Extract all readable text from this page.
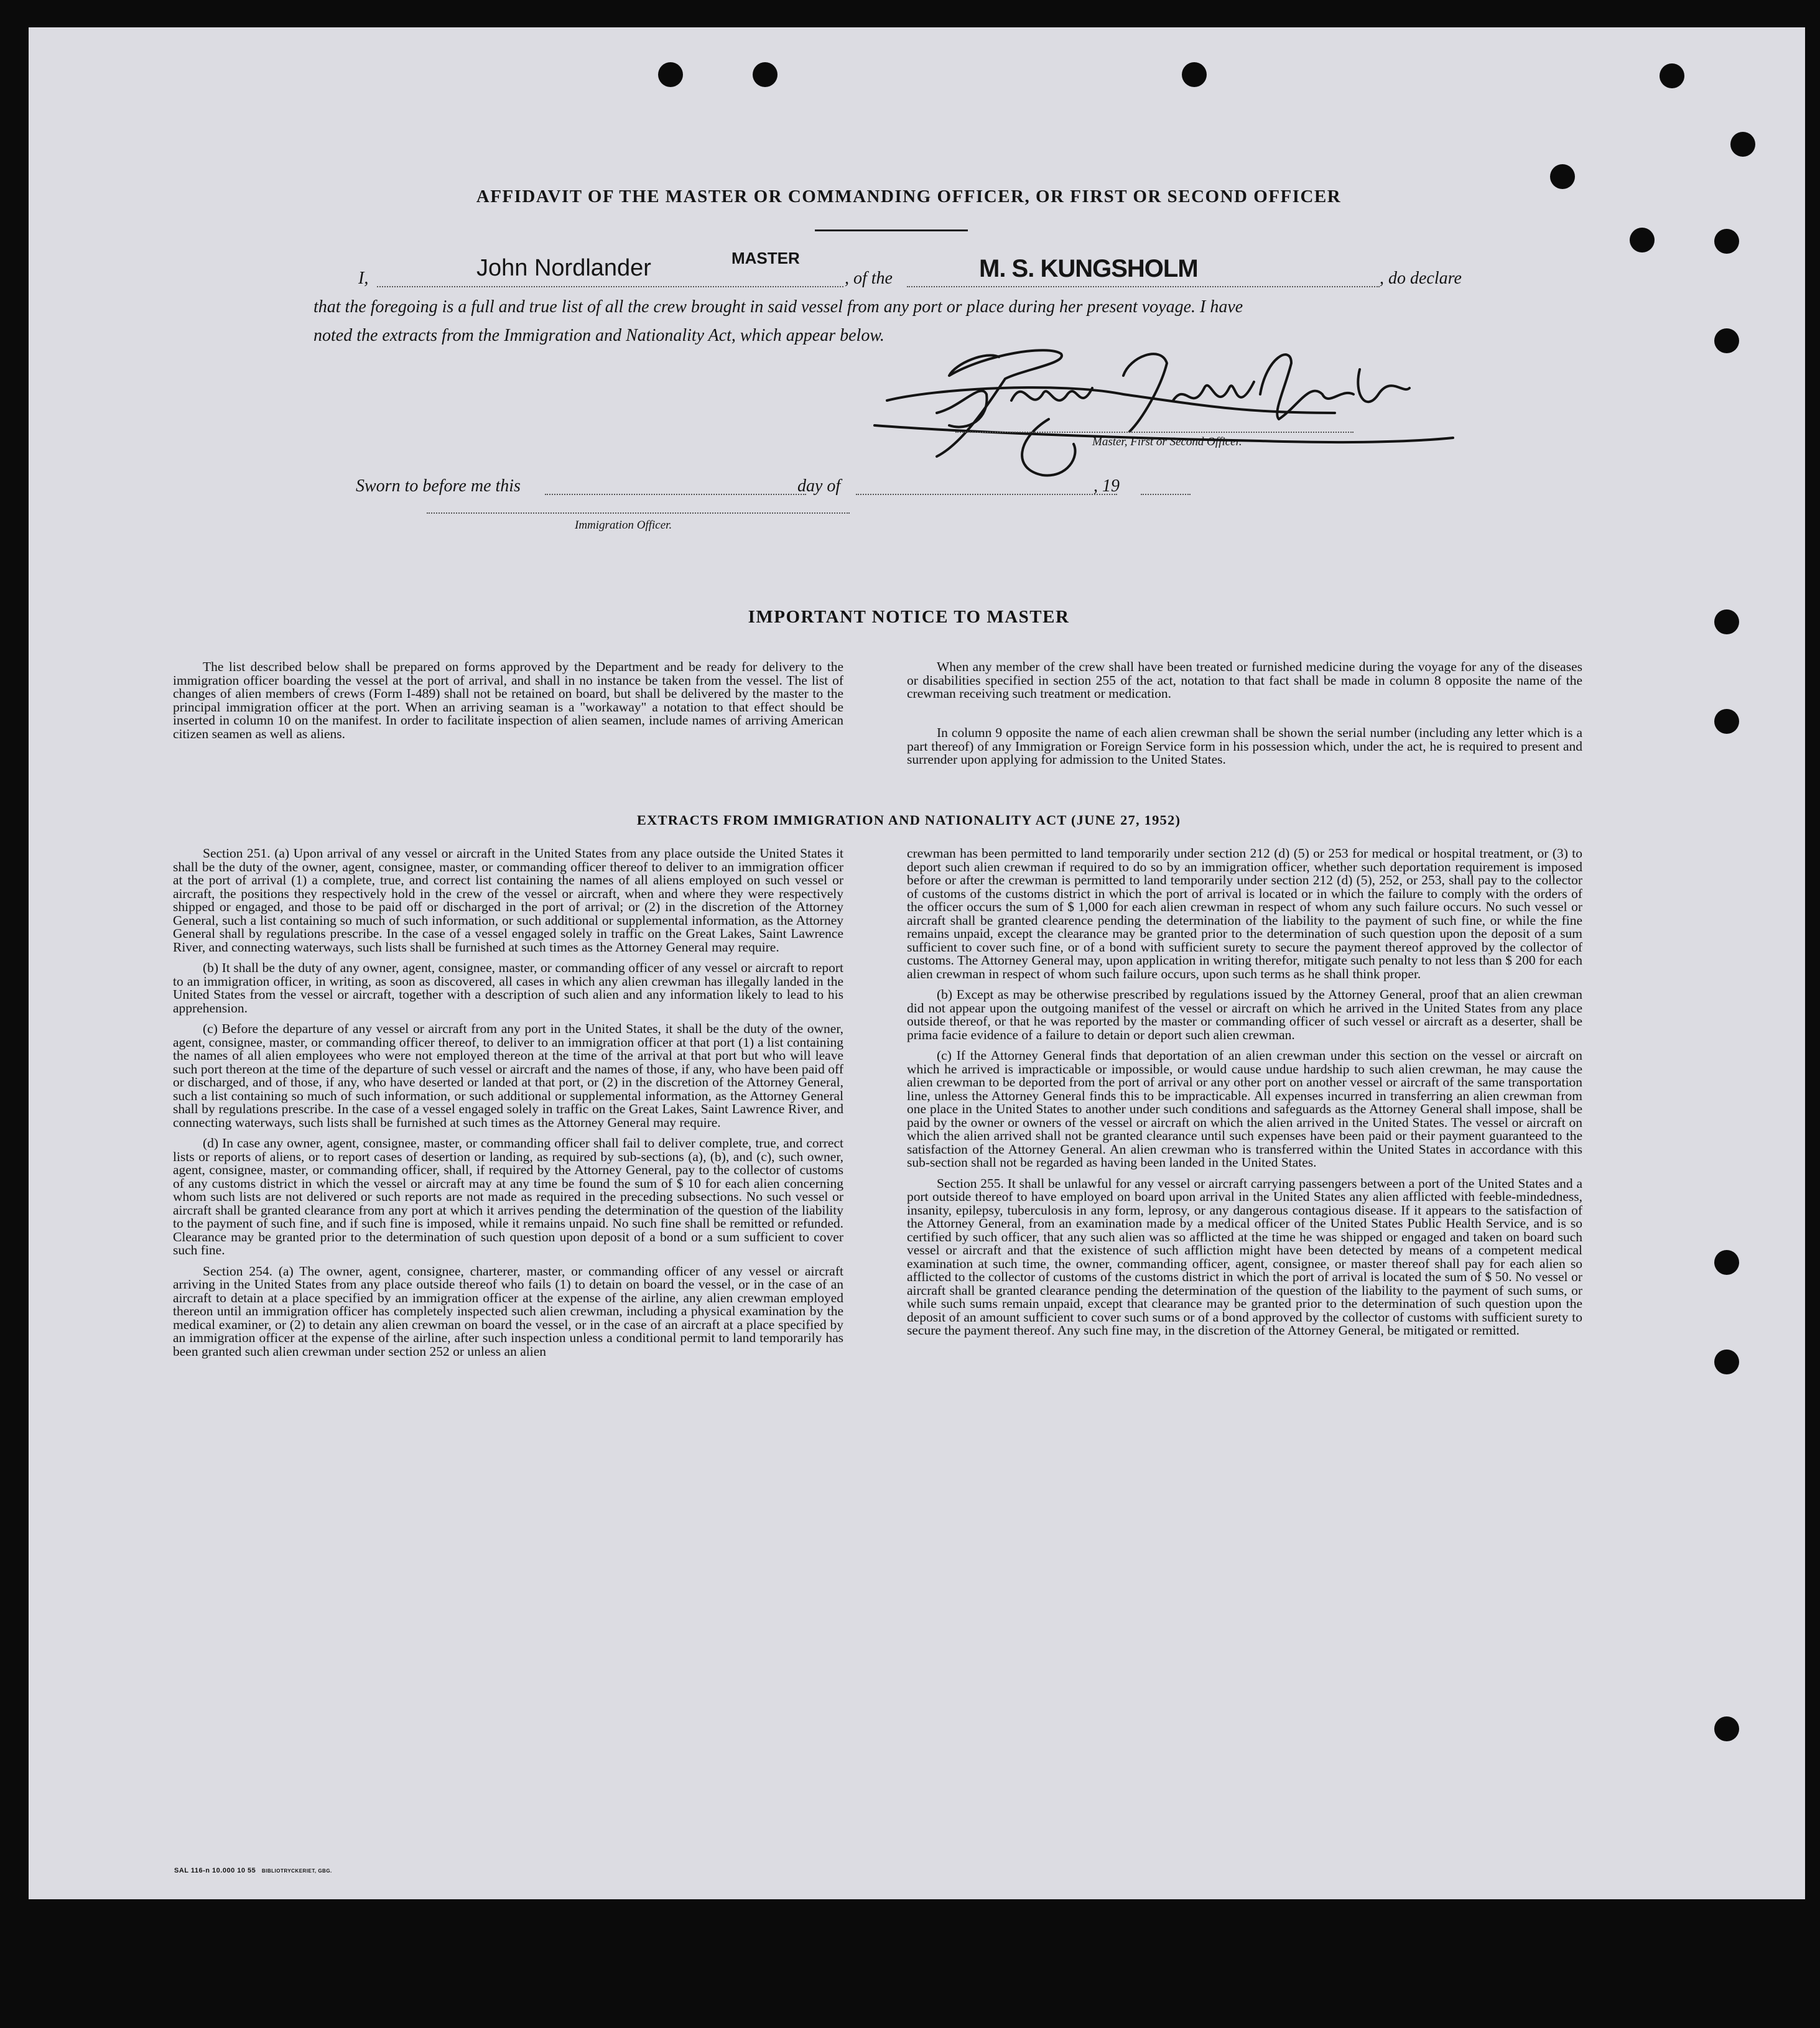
AFFIDAVIT OF THE MASTER OR COMMANDING OFFICER, OR FIRST OR SECOND OFFICER
I,	John Nordlander	MASTER
, of the	M. S. KUNGSHOLM	, do declare
that the foregoing is a full and true list of all the crew brought in said vessel from any port or place during her present voyage. I have
noted the extracts from the Immigration and Nationality Act, which appear below.
Master, First or Second Officer.
Sworn to before me this	day of	, 19
Immigration Officer.
IMPORTANT NOTICE TO MASTER

The list described below shall be prepared on forms approved by the Department and be ready for delivery to the immigration officer boarding the vessel at the port of arrival, and shall in no instance be taken from the vessel. The list of changes of alien members of crews (Form I-489) shall not be retained on board, but shall be delivered by the master to the principal immigration officer at the port. When an arriving seaman is a "workaway" a notation to that effect should be inserted in column 10 on the manifest. In order to facilitate inspection of alien seamen, include names of arriving American citizen seamen as well as aliens.

When any member of the crew shall have been treated or furnished medicine during the voyage for any of the diseases or disabilities specified in section 255 of the act, notation to that fact shall be made in column 8 opposite the name of the crewman receiving such treatment or medication.

In column 9 opposite the name of each alien crewman shall be shown the serial number (including any letter which is a part thereof) of any Immigration or Foreign Service form in his possession which, under the act, he is required to present and surrender upon applying for admission to the United States.

EXTRACTS FROM IMMIGRATION AND NATIONALITY ACT (JUNE 27, 1952)

Section 251. (a) Upon arrival of any vessel or aircraft in the United States from any place outside the United States it shall be the duty of the owner, agent, consignee, master, or commanding officer thereof to deliver to an immigration officer at the port of arrival (1) a complete, true, and correct list containing the names of all aliens employed on such vessel or aircraft, the positions they respectively hold in the crew of the vessel or aircraft, when and where they were respectively shipped or engaged, and those to be paid off or discharged in the port of arrival; or (2) in the discretion of the Attorney General, such a list containing so much of such information, or such additional or supplemental information, as the Attorney General shall by regulations prescribe. In the case of a vessel engaged solely in traffic on the Great Lakes, Saint Lawrence River, and connecting waterways, such lists shall be furnished at such times as the Attorney General may require.

(b) It shall be the duty of any owner, agent, consignee, master, or commanding officer of any vessel or aircraft to report to an immigration officer, in writing, as soon as discovered, all cases in which any alien crewman has illegally landed in the United States from the vessel or aircraft, together with a description of such alien and any information likely to lead to his apprehension.

(c) Before the departure of any vessel or aircraft from any port in the United States, it shall be the duty of the owner, agent, consignee, master, or commanding officer thereof, to deliver to an immigration officer at that port (1) a list containing the names of all alien employees who were not employed thereon at the time of the arrival at that port but who will leave such port thereon at the time of the departure of such vessel or aircraft and the names of those, if any, who have been paid off or discharged, and of those, if any, who have deserted or landed at that port, or (2) in the discretion of the Attorney General, such a list containing so much of such information, or such additional or supplemental information, as the Attorney General shall by regulations prescribe. In the case of a vessel engaged solely in traffic on the Great Lakes, Saint Lawrence River, and connecting waterways, such lists shall be furnished at such times as the Attorney General may require.

(d) In case any owner, agent, consignee, master, or commanding officer shall fail to deliver complete, true, and correct lists or reports of aliens, or to report cases of desertion or landing, as required by sub-sections (a), (b), and (c), such owner, agent, consignee, master, or commanding officer, shall, if required by the Attorney General, pay to the collector of customs of any customs district in which the vessel or aircraft may at any time be found the sum of $ 10 for each alien concerning whom such lists are not delivered or such reports are not made as required in the preceding subsections. No such vessel or aircraft shall be granted clearance from any port at which it arrives pending the determination of the question of the liability to the payment of such fine, and if such fine is imposed, while it remains unpaid. No such fine shall be remitted or refunded. Clearance may be granted prior to the determination of such question upon deposit of a bond or a sum sufficient to cover such fine.

Section 254. (a) The owner, agent, consignee, charterer, master, or commanding officer of any vessel or aircraft arriving in the United States from any place outside thereof who fails (1) to detain on board the vessel, or in the case of an aircraft to detain at a place specified by an immigration officer at the expense of the airline, any alien crewman employed thereon until an immigration officer has completely inspected such alien crewman, including a physical examination by the medical examiner, or (2) to detain any alien crewman on board the vessel, or in the case of an aircraft at a place specified by an immigration officer at the expense of the airline, after such inspection unless a conditional permit to land temporarily has been granted such alien crewman under section 252 or unless an alien

crewman has been permitted to land temporarily under section 212 (d) (5) or 253 for medical or hospital treatment, or (3) to deport such alien crewman if required to do so by an immigration officer, whether such deportation requirement is imposed before or after the crewman is permitted to land temporarily under section 212 (d) (5), 252, or 253, shall pay to the collector of customs of the customs district in which the port of arrival is located or in which the failure to comply with the orders of the officer occurs the sum of $ 1,000 for each alien crewman in respect of whom any such failure occurs. No such vessel or aircraft shall be granted clearence pending the determination of the liability to the payment of such fine, or while the fine remains unpaid, except the clearance may be granted prior to the determination of such question upon the deposit of a sum sufficient to cover such fine, or of a bond with sufficient surety to secure the payment thereof approved by the collector of customs. The Attorney General may, upon application in writing therefor, mitigate such penalty to not less than $ 200 for each alien crewman in respect of whom such failure occurs, upon such terms as he shall think proper.

(b) Except as may be otherwise prescribed by regulations issued by the Attorney General, proof that an alien crewman did not appear upon the outgoing manifest of the vessel or aircraft on which he arrived in the United States from any place outside thereof, or that he was reported by the master or commanding officer of such vessel or aircraft as a deserter, shall be prima facie evidence of a failure to detain or deport such alien crewman.

(c) If the Attorney General finds that deportation of an alien crewman under this section on the vessel or aircraft on which he arrived is impracticable or impossible, or would cause undue hardship to such alien crewman, he may cause the alien crewman to be deported from the port of arrival or any other port on another vessel or aircraft of the same transportation line, unless the Attorney General finds this to be impracticable. All expenses incurred in transferring an alien crewman from one place in the United States to another under such conditions and safeguards as the Attorney General shall impose, shall be paid by the owner or owners of the vessel or aircraft on which the alien arrived in the United States. The vessel or aircraft on which the alien arrived shall not be granted clearance until such expenses have been paid or their payment guaranteed to the satisfaction of the Attorney General. An alien crewman who is transferred within the United States in accordance with this sub-section shall not be regarded as having been landed in the United States.

Section 255. It shall be unlawful for any vessel or aircraft carrying passengers between a port of the United States and a port outside thereof to have employed on board upon arrival in the United States any alien afflicted with feeble-mindedness, insanity, epilepsy, tuberculosis in any form, leprosy, or any dangerous contagious disease. If it appears to the satisfaction of the Attorney General, from an examination made by a medical officer of the United States Public Health Service, and is so certified by such officer, that any such alien was so afflicted at the time he was shipped or engaged and taken on board such vessel or aircraft and that the existence of such affliction might have been detected by means of a competent medical examination at such time, the owner, commanding officer, agent, consignee, or master thereof shall pay for each alien so afflicted to the collector of customs of the customs district in which the port of arrival is located the sum of $ 50. No vessel or aircraft shall be granted clearance pending the determination of the question of the liability to the payment of such sums, or while such sums remain unpaid, except that clearance may be granted prior to the determination of such question upon the deposit of an amount sufficient to cover such sums or of a bond approved by the collector of customs with sufficient surety to secure the payment thereof. Any such fine may, in the discretion of the Attorney General, be mitigated or remitted.

SAL 116-n 10.000 10 55 BIBLIOTRYCKERIET, GBG.
